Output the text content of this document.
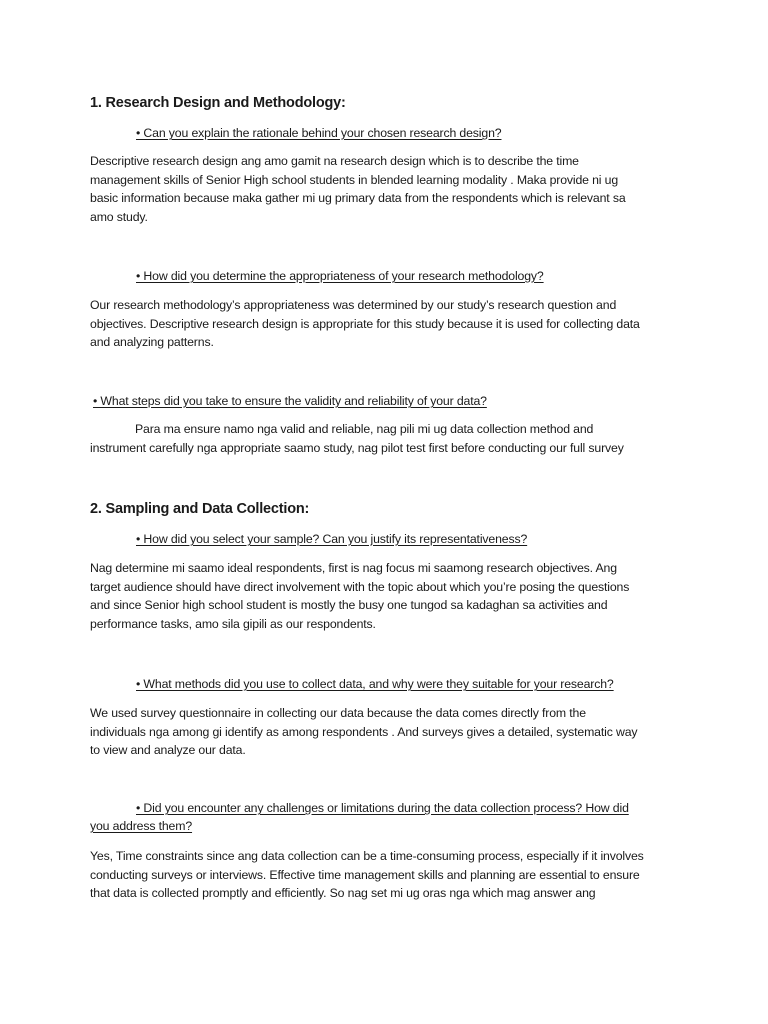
1. Research Design and Methodology:
• Can you explain the rationale behind your chosen research design?
Descriptive research design ang amo gamit na research design which is to describe the time
management skills of Senior High school students in blended learning modality . Maka provide ni ug
basic information because maka gather mi ug primary data from the respondents which is relevant sa
amo study.
• How did you determine the appropriateness of your research methodology?
Our research methodology’s appropriateness was determined by our study’s research question and
objectives. Descriptive research design is appropriate for this study because it is used for collecting data
and analyzing patterns.
• What steps did you take to ensure the validity and reliability of your data?
Para ma ensure namo nga valid and reliable, nag pili mi ug data collection method and
instrument carefully nga appropriate saamo study, nag pilot test first before conducting our full survey
2. Sampling and Data Collection:
• How did you select your sample? Can you justify its representativeness?
Nag determine mi saamo ideal respondents, first is nag focus mi saamong research objectives. Ang
target audience should have direct involvement with the topic about which you’re posing the questions
and since Senior high school student is mostly the busy one tungod sa kadaghan sa activities and
performance tasks, amo sila gipili as our respondents.
• What methods did you use to collect data, and why were they suitable for your research?
We used survey questionnaire in collecting our data because the data comes directly from the
individuals nga among gi identify as among respondents . And surveys gives a detailed, systematic way
to view and analyze our data.
• Did you encounter any challenges or limitations during the data collection process? How did
you address them?
Yes, Time constraints since ang data collection can be a time-consuming process, especially if it involves
conducting surveys or interviews. Effective time management skills and planning are essential to ensure
that data is collected promptly and efficiently. So nag set mi ug oras nga which mag answer ang
